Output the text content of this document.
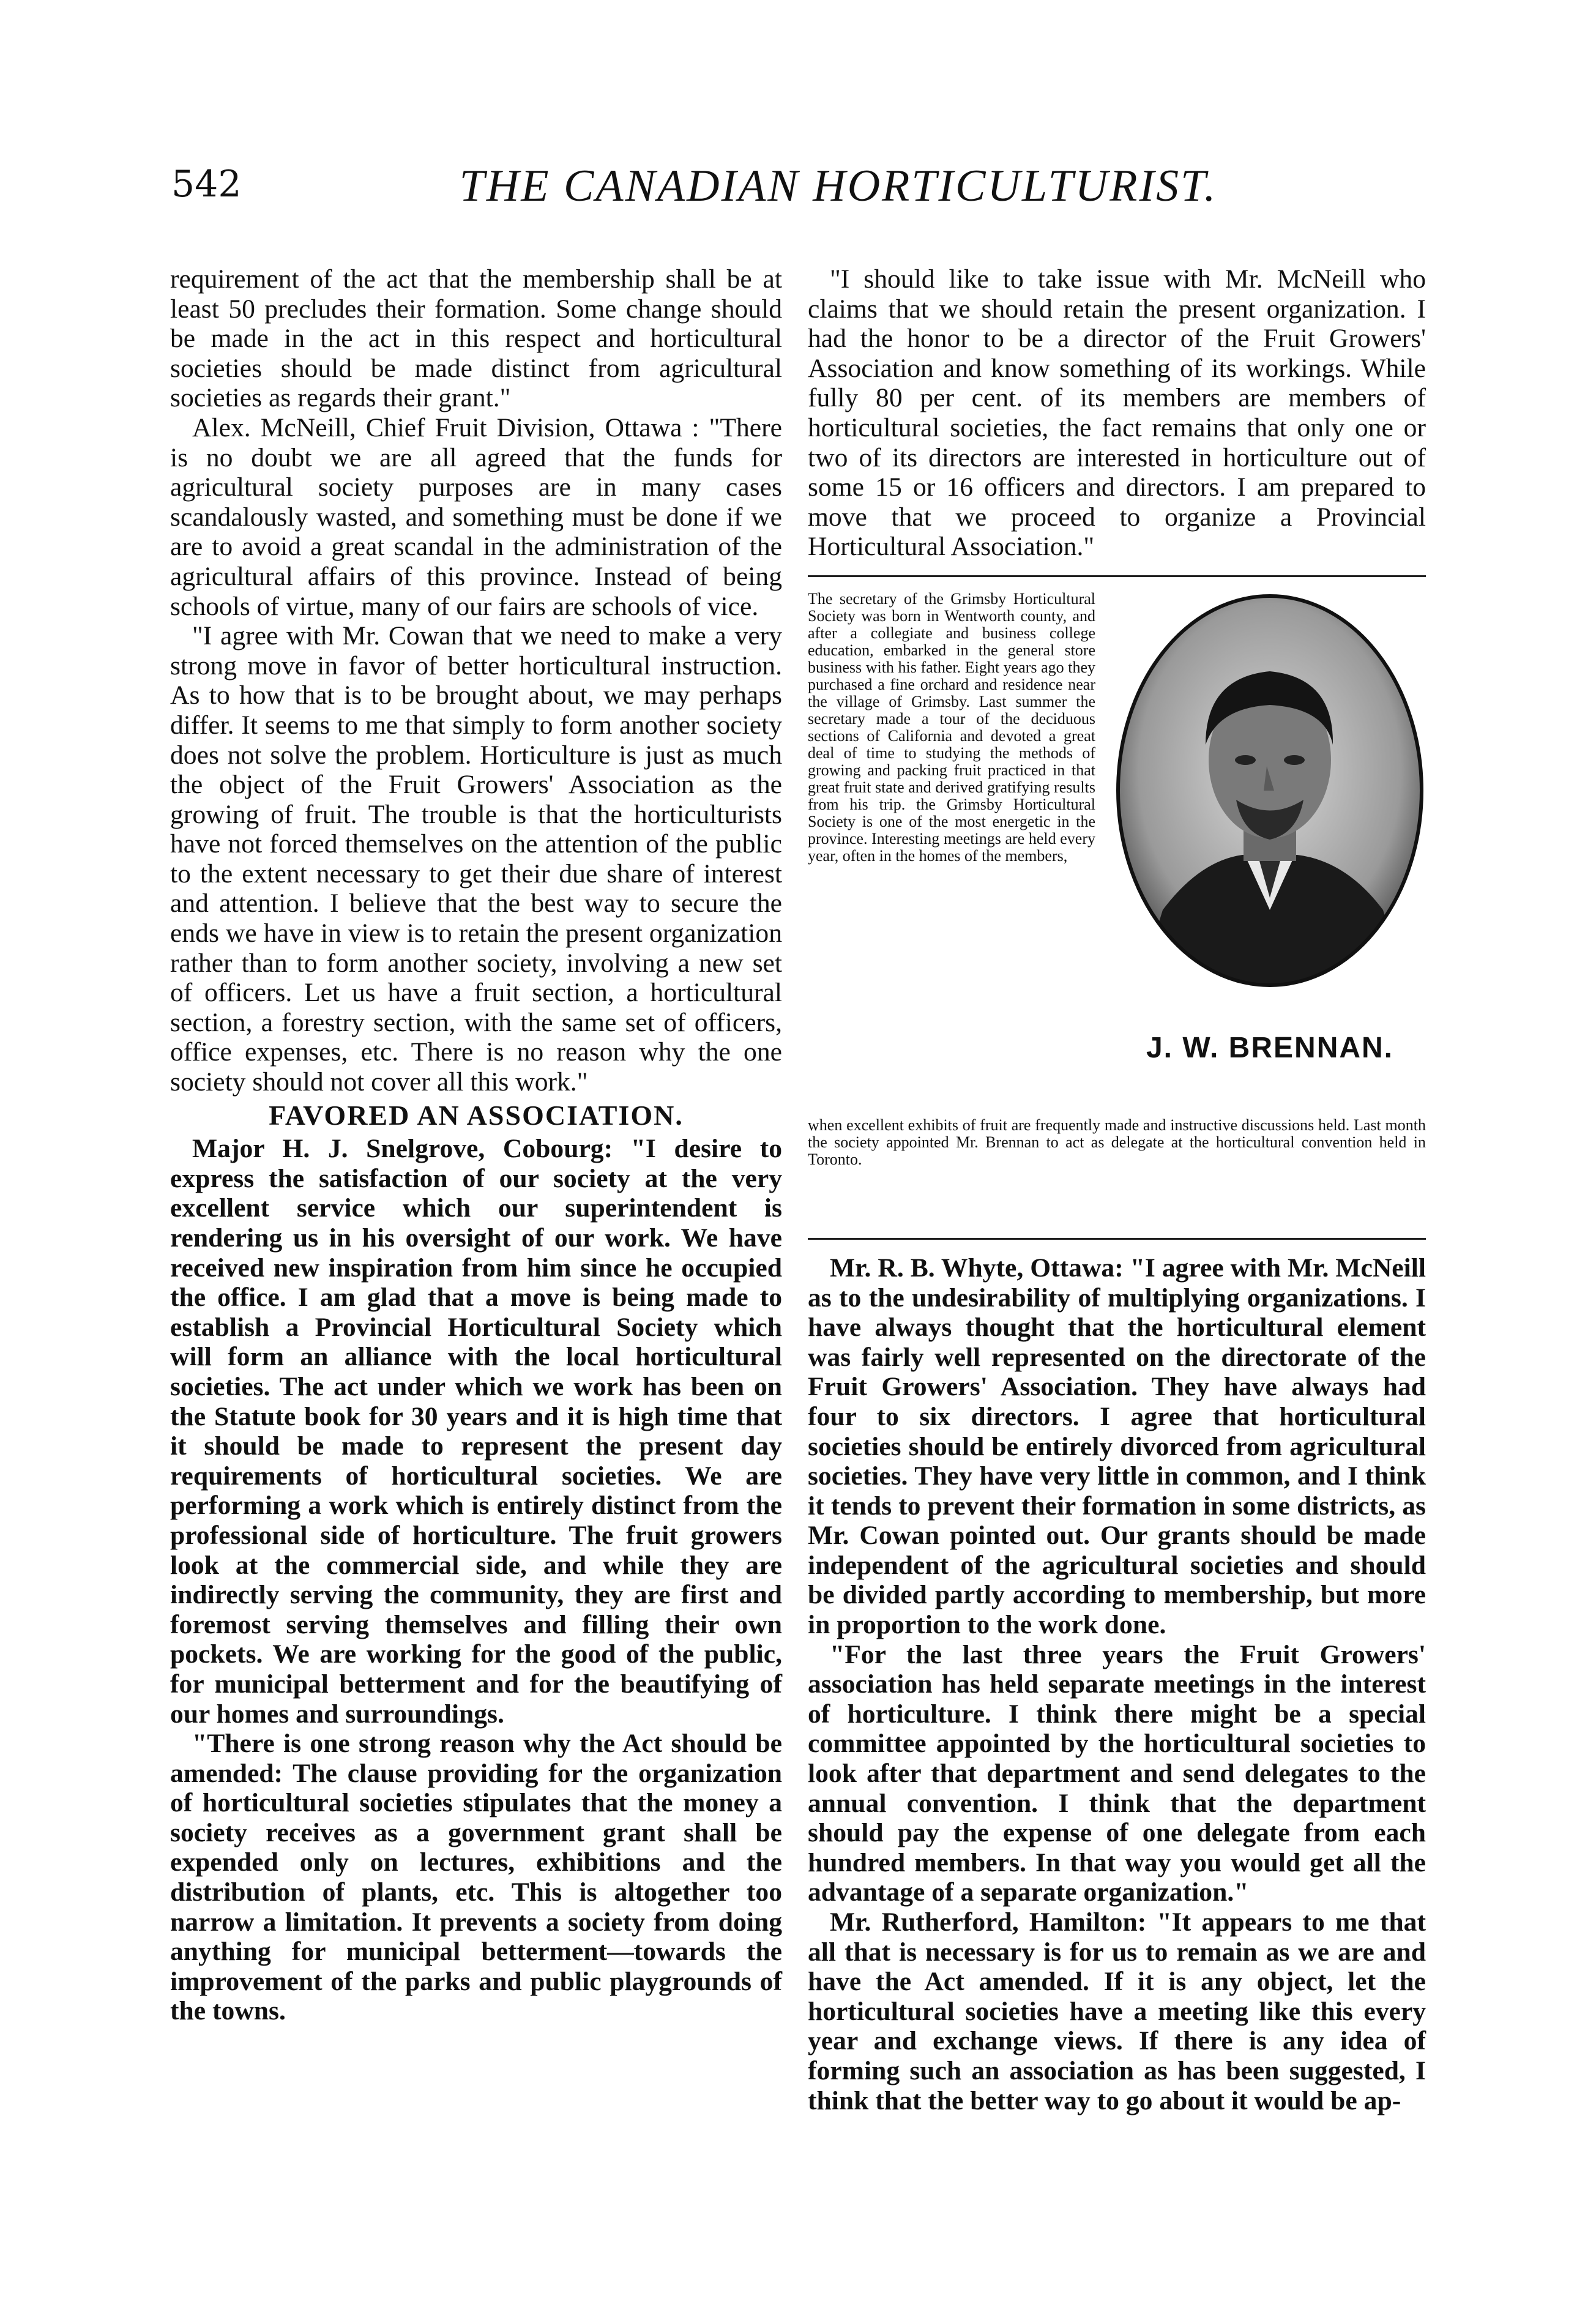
542	THE CANADIAN HORTICULTURIST.

requirement of the act that the membership shall be at least 50 precludes their formation. Some change should be made in the act in this respect and horticultural societies should be made distinct from agricultural societies as regards their grant."

Alex. McNeill, Chief Fruit Division, Ottawa : "There is no doubt we are all agreed that the funds for agricultural society purposes are in many cases scandalously wasted, and something must be done if we are to avoid a great scandal in the administration of the agricultural affairs of this province. Instead of being schools of virtue, many of our fairs are schools of vice.

"I agree with Mr. Cowan that we need to make a very strong move in favor of better horticultural instruction. As to how that is to be brought about, we may perhaps differ. It seems to me that simply to form another society does not solve the problem. Horticulture is just as much the object of the Fruit Growers' Association as the growing of fruit. The trouble is that the horticulturists have not forced themselves on the attention of the public to the extent necessary to get their due share of interest and attention. I believe that the best way to secure the ends we have in view is to retain the present organization rather than to form another society, involving a new set of officers. Let us have a fruit section, a horticultural section, a forestry section, with the same set of officers, office expenses, etc. There is no reason why the one society should not cover all this work."

FAVORED AN ASSOCIATION.

Major H. J. Snelgrove, Cobourg: "I desire to express the satisfaction of our society at the very excellent service which our superintendent is rendering us in his oversight of our work. We have received new inspiration from him since he occupied the office. I am glad that a move is being made to establish a Provincial Horticultural Society which will form an alliance with the local horticultural societies. The act under which we work has been on the Statute book for 30 years and it is high time that it should be made to represent the present day requirements of horticultural societies. We are performing a work which is entirely distinct from the professional side of horticulture. The fruit growers look at the commercial side, and while they are indirectly serving the community, they are first and foremost serving themselves and filling their own pockets. We are working for the good of the public, for municipal betterment and for the beautifying of our homes and surroundings.

"There is one strong reason why the Act should be amended: The clause providing for the organization of horticultural societies stipulates that the money a society receives as a government grant shall be expended only on lectures, exhibitions and the distribution of plants, etc. This is altogether too narrow a limitation. It prevents a society from doing anything for municipal betterment—towards the improvement of the parks and public playgrounds of the towns.

"I should like to take issue with Mr. McNeill who claims that we should retain the present organization. I had the honor to be a director of the Fruit Growers' Association and know something of its workings. While fully 80 per cent. of its members are members of horticultural societies, the fact remains that only one or two of its directors are interested in horticulture out of some 15 or 16 officers and directors. I am prepared to move that we proceed to organize a Provincial Horticultural Association."

The secretary of the Grimsby Horticultural Society was born in Wentworth county, and after a collegiate and business college education, embarked in the general store business with his father. Eight years ago they purchased a fine orchard and residence near the village of Grimsby. Last summer the secretary made a tour of the deciduous sections of California and devoted a great deal of time to studying the methods of growing and packing fruit practiced in that great fruit state and derived gratifying results from his trip. the Grimsby Horticultural Society is one of the most energetic in the province. Interesting meetings are held every year, often in the homes of the members,
J. W. BRENNAN.
when excellent exhibits of fruit are frequently made and instructive discussions held. Last month the society appointed Mr. Brennan to act as delegate at the horticultural convention held in Toronto.

Mr. R. B. Whyte, Ottawa: "I agree with Mr. McNeill as to the undesirability of multiplying organizations. I have always thought that the horticultural element was fairly well represented on the directorate of the Fruit Growers' Association. They have always had four to six directors. I agree that horticultural societies should be entirely divorced from agricultural societies. They have very little in common, and I think it tends to prevent their formation in some districts, as Mr. Cowan pointed out. Our grants should be made independent of the agricultural societies and should be divided partly according to membership, but more in proportion to the work done.

"For the last three years the Fruit Growers' association has held separate meetings in the interest of horticulture. I think there might be a special committee appointed by the horticultural societies to look after that department and send delegates to the annual convention. I think that the department should pay the expense of one delegate from each hundred members. In that way you would get all the advantage of a separate organization."

Mr. Rutherford, Hamilton: "It appears to me that all that is necessary is for us to remain as we are and have the Act amended. If it is any object, let the horticultural societies have a meeting like this every year and exchange views. If there is any idea of forming such an association as has been suggested, I think that the better way to go about it would be ap-
